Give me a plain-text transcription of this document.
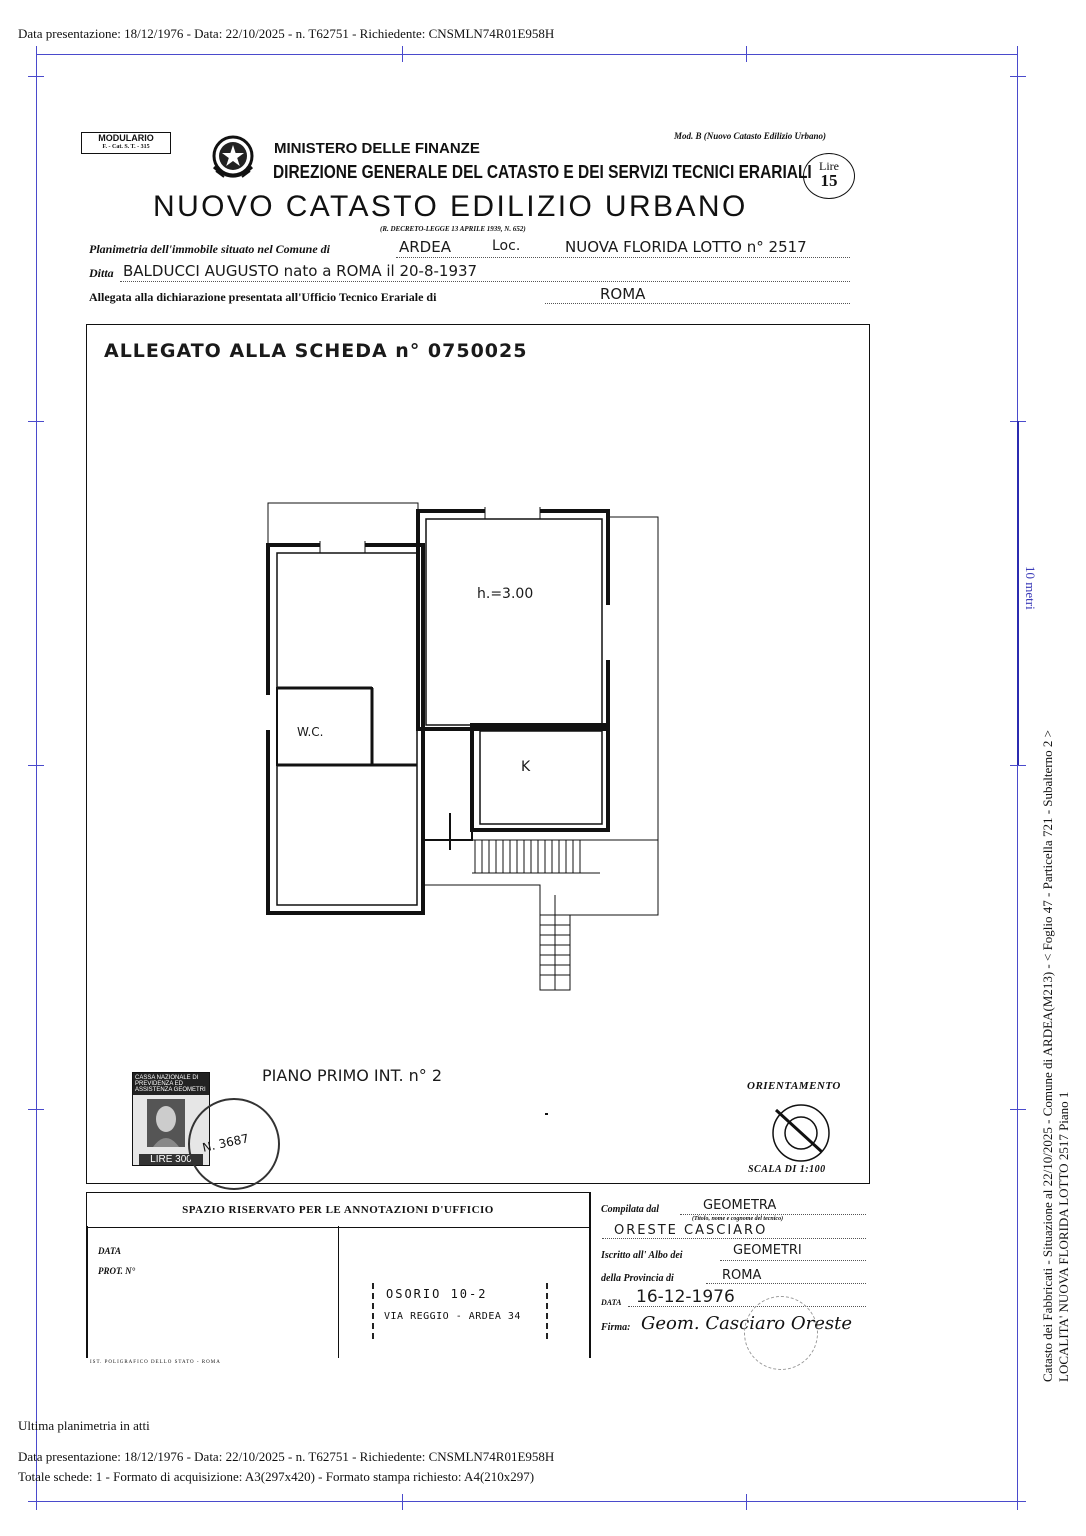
Data presentazione: 18/12/1976 - Data: 22/10/2025 - n. T62751 - Richiedente: CNSMLN74R01E958H
10 metri
Catasto dei Fabbricati - Situazione al 22/10/2025 - Comune di ARDEA(M213) - < Foglio 47 - Particella 721 - Subalterno 2 > LOCALITA' NUOVA FLORIDA LOTTO 2517 Piano 1
MODULARIO
F. - Cat. S. T. - 315	MINISTERO DELLE FINANZE
DIREZIONE GENERALE DEL CATASTO E DEI SERVIZI TECNICI ERARIALI
Mod. B (Nuovo Catasto Edilizio Urbano)
Lire
15
NUOVO CATASTO EDILIZIO URBANO
(R. DECRETO-LEGGE 13 APRILE 1939, N. 652)
Planimetria dell'immobile situato nel Comune di	ARDEA	Loc.	NUOVA FLORIDA LOTTO n° 2517
Ditta BALDUCCI AUGUSTO nato a ROMA il 20-8-1937
Allegata alla dichiarazione presentata all'Ufficio Tecnico Erariale di	ROMA
ALLEGATO ALLA SCHEDA n° 0750025
h.=3.00
W.C.
K
PIANO PRIMO INT. n° 2
CASSA NAZIONALE DI PREVIDENZA ED ASSISTENZA GEOMETRI
LIRE 300
N. 3687
ORIENTAMENTO
SCALA DI 1:100
SPAZIO RISERVATO PER LE ANNOTAZIONI D'UFFICIO
DATA
PROT. N°
OSORIO 10-2
VIA REGGIO - ARDEA 34
IST. POLIGRAFICO DELLO STATO - ROMA
Compilata dal	GEOMETRA
(Titolo, nome e cognome del tecnico)
ORESTE CASCIARO
Iscritto all' Albo dei	GEOMETRI
della Provincia di	ROMA
DATA 16-12-1976
Firma: Geom. Casciaro Oreste
Ultima planimetria in atti
Data presentazione: 18/12/1976 - Data: 22/10/2025 - n. T62751 - Richiedente: CNSMLN74R01E958H
Totale schede: 1 - Formato di acquisizione: A3(297x420) - Formato stampa richiesto: A4(210x297)
